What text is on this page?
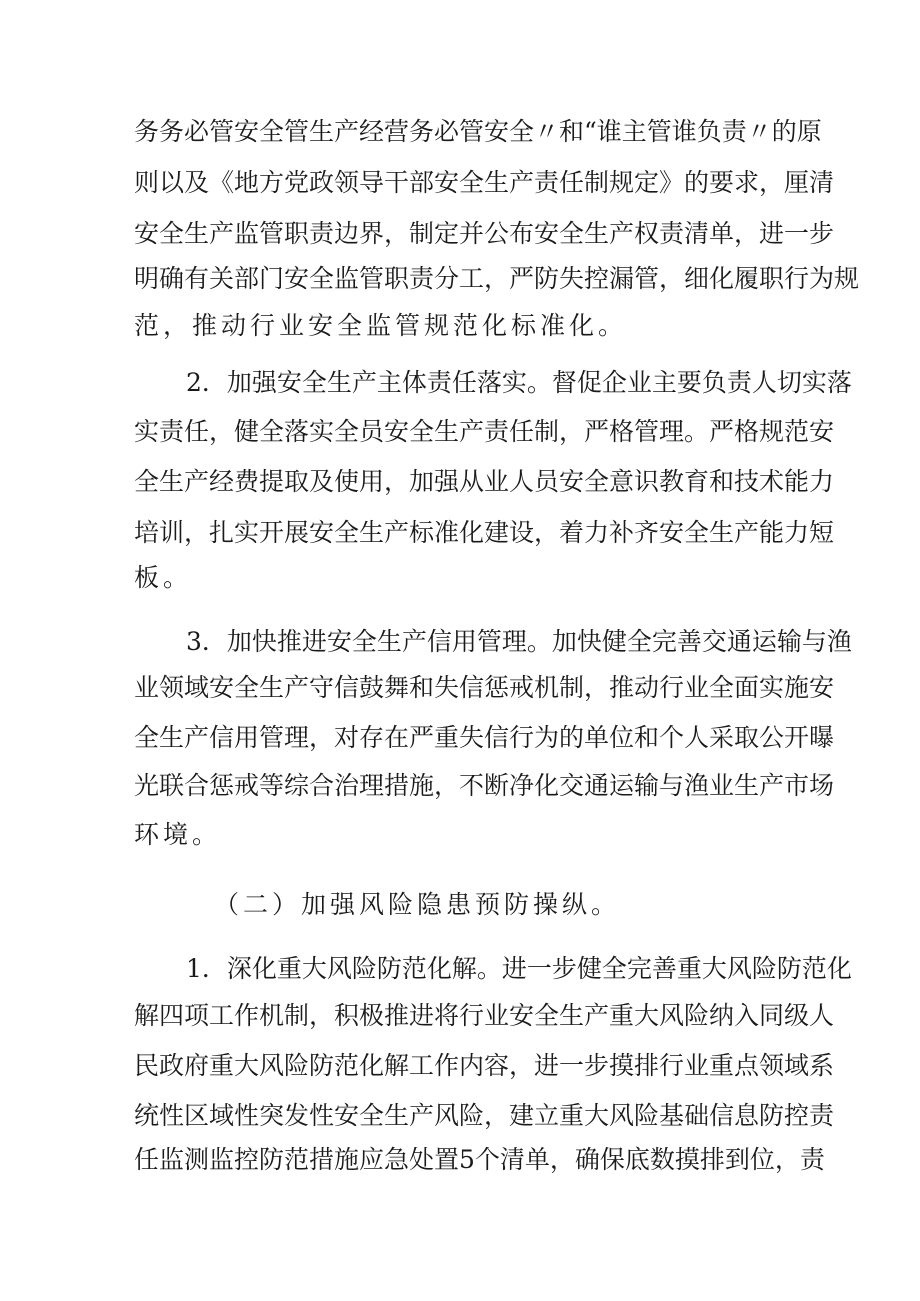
务务必管安全管生产经营务必管安全〃和“谁主管谁负责〃的原
则以及《地方党政领导干部安全生产责任制规定》的要求，厘清
安全生产监管职责边界，制定并公布安全生产权责清单，进一步
明确有关部门安全监管职责分工，严防失控漏管，细化履职行为规
范，推动行业安全监管规范化标准化。
2．加强安全生产主体责任落实。督促企业主要负责人切实落
实责任，健全落实全员安全生产责任制，严格管理。严格规范安
全生产经费提取及使用，加强从业人员安全意识教育和技术能力
培训，扎实开展安全生产标准化建设，着力补齐安全生产能力短
板。
3．加快推进安全生产信用管理。加快健全完善交通运输与渔
业领域安全生产守信鼓舞和失信惩戒机制，推动行业全面实施安
全生产信用管理，对存在严重失信行为的单位和个人采取公开曝
光联合惩戒等综合治理措施，不断净化交通运输与渔业生产市场
环境。
（二）加强风险隐患预防操纵。
1．深化重大风险防范化解。进一步健全完善重大风险防范化
解四项工作机制，积极推进将行业安全生产重大风险纳入同级人
民政府重大风险防范化解工作内容，进一步摸排行业重点领域系
统性区域性突发性安全生产风险，建立重大风险基础信息防控责
任监测监控防范措施应急处置5个清单，确保底数摸排到位，责
